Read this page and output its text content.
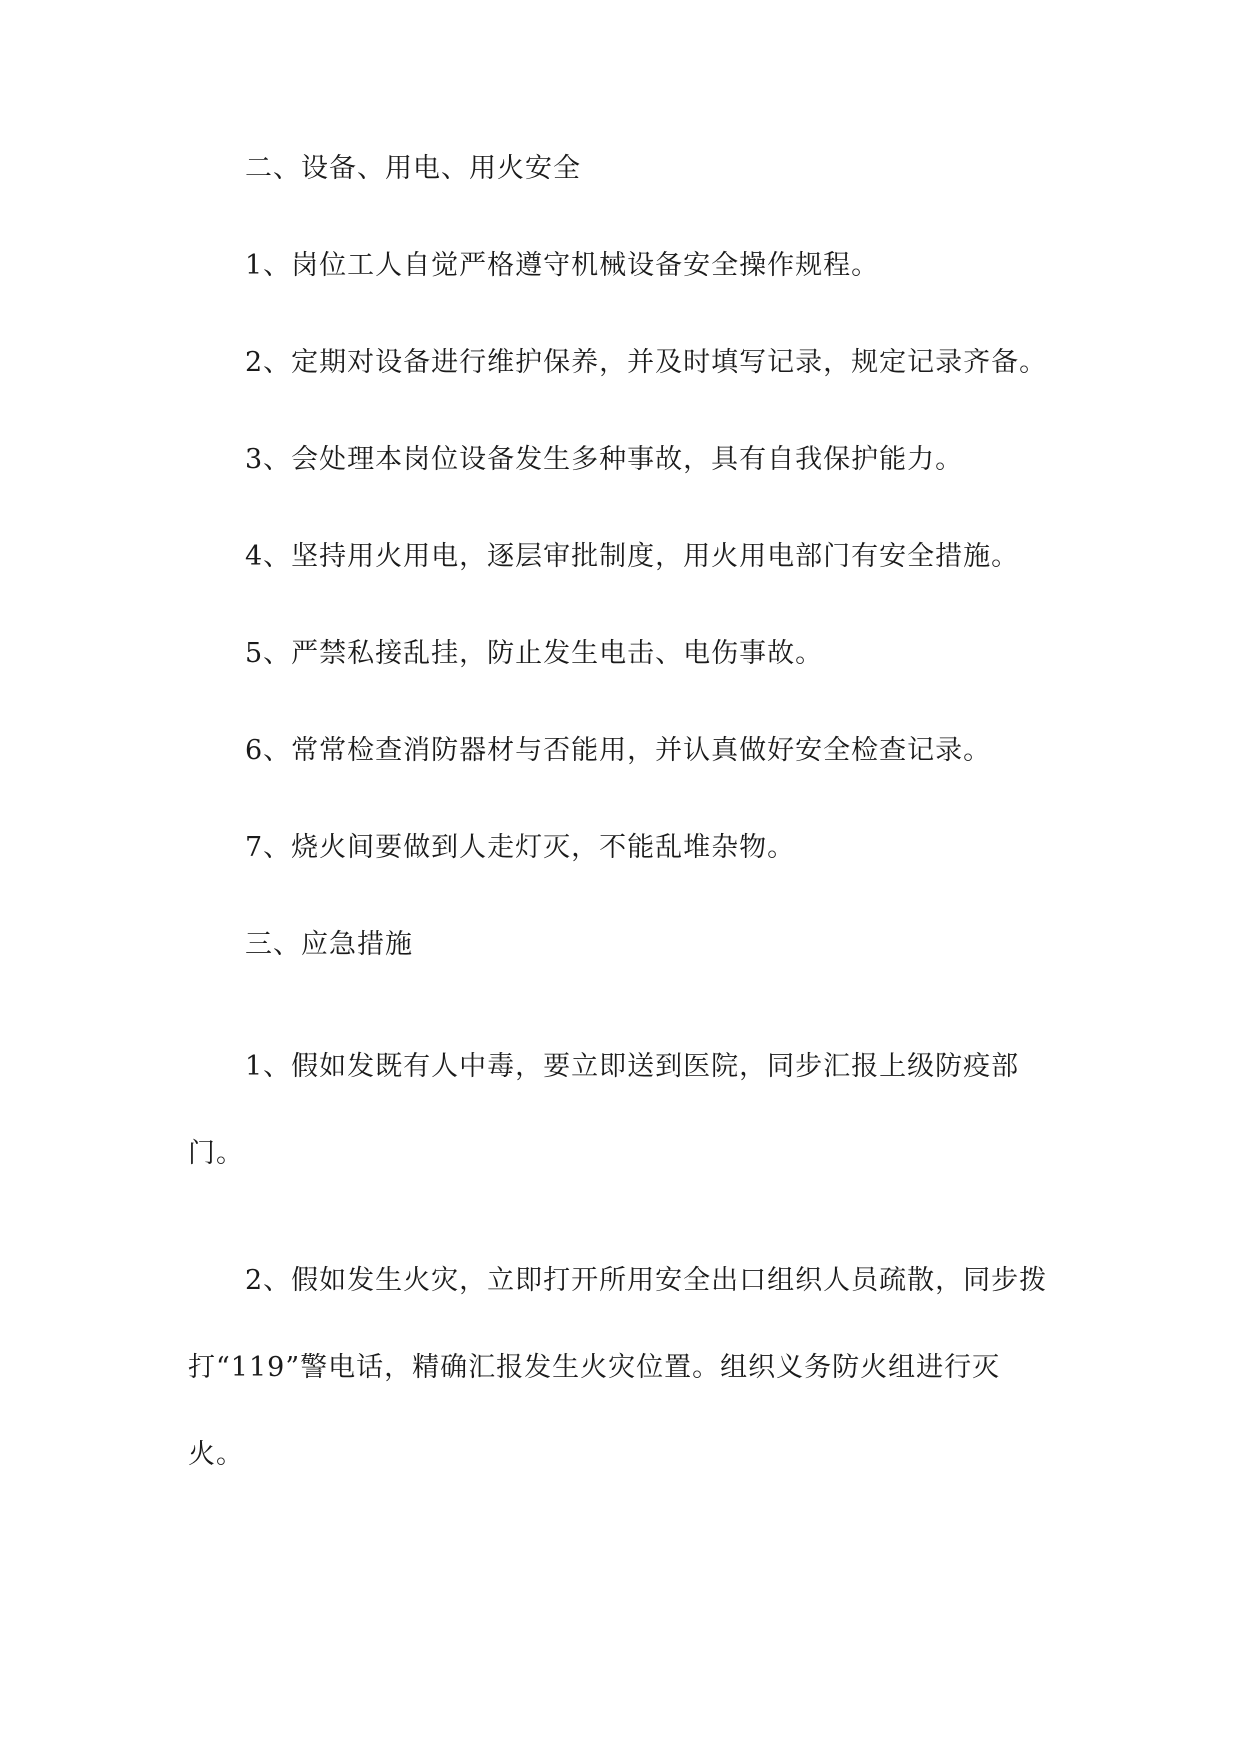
二、设备、用电、用火安全

1、岗位工人自觉严格遵守机械设备安全操作规程。

2、定期对设备进行维护保养，并及时填写记录，规定记录齐备。

3、会处理本岗位设备发生多种事故，具有自我保护能力。

4、坚持用火用电，逐层审批制度，用火用电部门有安全措施。

5、严禁私接乱挂，防止发生电击、电伤事故。

6、常常检查消防器材与否能用，并认真做好安全检查记录。

7、烧火间要做到人走灯灭，不能乱堆杂物。

三、应急措施

1、假如发既有人中毒，要立即送到医院，同步汇报上级防疫部门。

2、假如发生火灾，立即打开所用安全出口组织人员疏散，同步拨打“119”警电话，精确汇报发生火灾位置。组织义务防火组进行灭火。
